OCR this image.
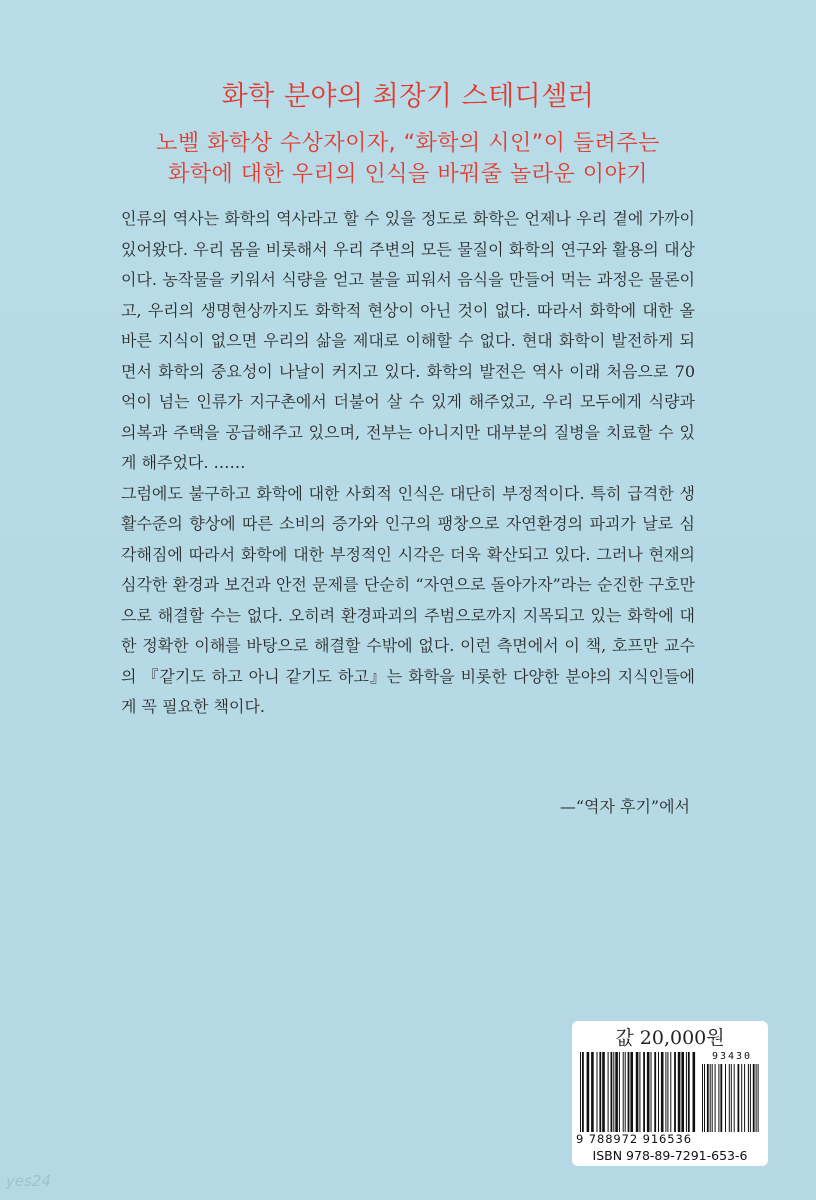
화학 분야의 최장기 스테디셀러
노벨 화학상 수상자이자, “화학의 시인”이 들려주는
화학에 대한 우리의 인식을 바꿔줄 놀라운 이야기

인류의 역사는 화학의 역사라고 할 수 있을 정도로 화학은 언제나 우리 곁에 가까이 있어왔다. 우리 몸을 비롯해서 우리 주변의 모든 물질이 화학의 연구와 활용의 대상이다. 농작물을 키워서 식량을 얻고 불을 피워서 음식을 만들어 먹는 과정은 물론이고, 우리의 생명현상까지도 화학적 현상이 아닌 것이 없다. 따라서 화학에 대한 올바른 지식이 없으면 우리의 삶을 제대로 이해할 수 없다. 현대 화학이 발전하게 되면서 화학의 중요성이 나날이 커지고 있다. 화학의 발전은 역사 이래 처음으로 70억이 넘는 인류가 지구촌에서 더불어 살 수 있게 해주었고, 우리 모두에게 식량과 의복과 주택을 공급해주고 있으며, 전부는 아니지만 대부분의 질병을 치료할 수 있게 해주었다. ……

그럼에도 불구하고 화학에 대한 사회적 인식은 대단히 부정적이다. 특히 급격한 생활수준의 향상에 따른 소비의 증가와 인구의 팽창으로 자연환경의 파괴가 날로 심각해짐에 따라서 화학에 대한 부정적인 시각은 더욱 확산되고 있다. 그러나 현재의 심각한 환경과 보건과 안전 문제를 단순히 “자연으로 돌아가자”라는 순진한 구호만으로 해결할 수는 없다. 오히려 환경파괴의 주범으로까지 지목되고 있는 화학에 대한 정확한 이해를 바탕으로 해결할 수밖에 없다. 이런 측면에서 이 책, 호프만 교수의 『같기도 하고 아니 같기도 하고』는 화학을 비롯한 다양한 분야의 지식인들에게 꼭 필요한 책이다.

—“역자 후기”에서
값 20,000원
93430
9 788972 916536
ISBN 978-89-7291-653-6
yes24
